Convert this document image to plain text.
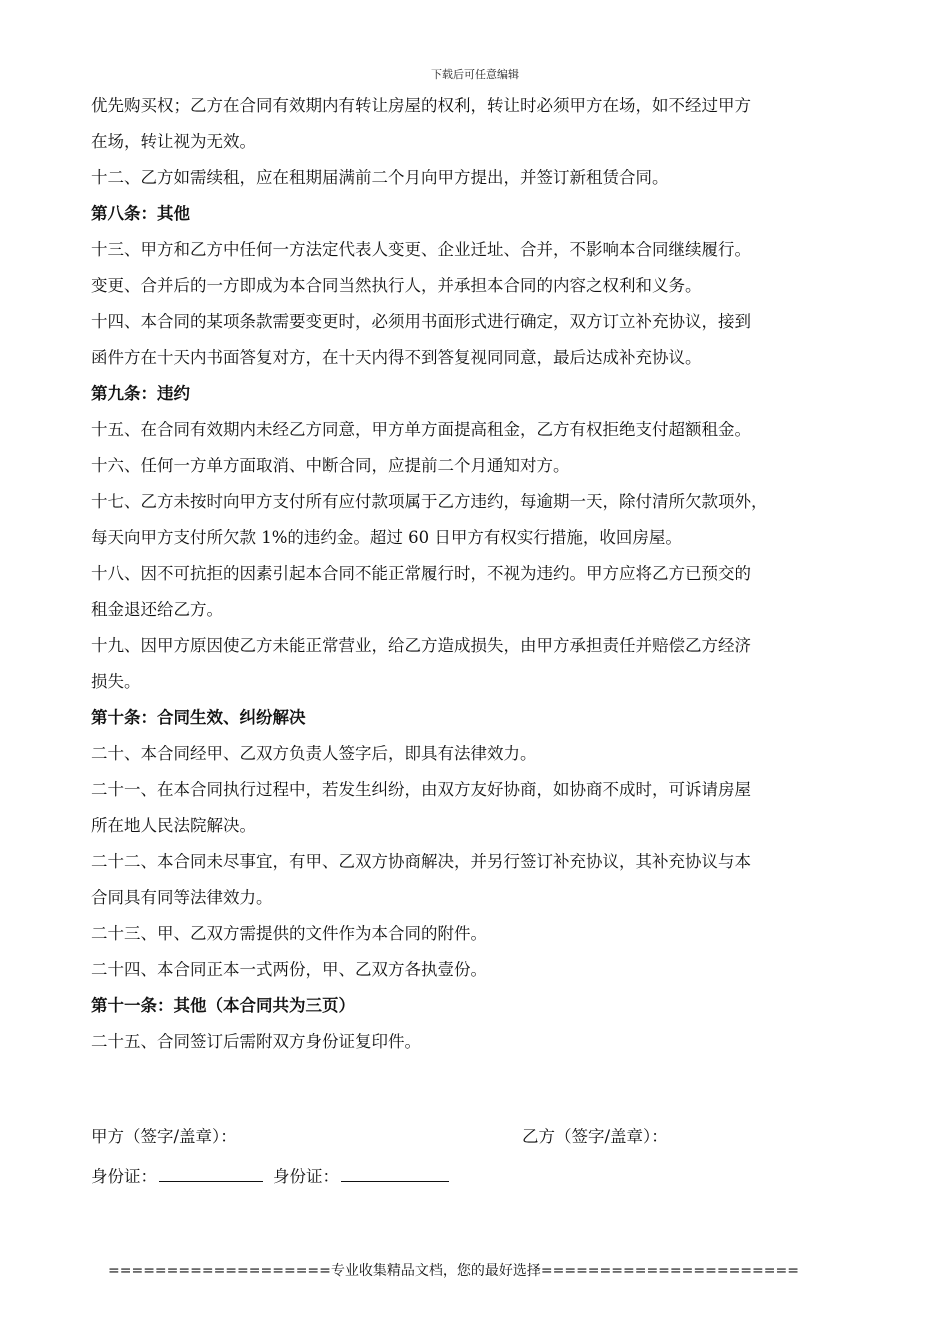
下载后可任意编辑
优先购买权；乙方在合同有效期内有转让房屋的权利，转让时必须甲方在场，如不经过甲方
在场，转让视为无效。
十二、乙方如需续租，应在租期届满前二个月向甲方提出，并签订新租赁合同。
第八条：其他
十三、甲方和乙方中任何一方法定代表人变更、企业迁址、合并，不影响本合同继续履行。
变更、合并后的一方即成为本合同当然执行人，并承担本合同的内容之权利和义务。
十四、本合同的某项条款需要变更时，必须用书面形式进行确定，双方订立补充协议，接到
函件方在十天内书面答复对方，在十天内得不到答复视同同意，最后达成补充协议。
第九条：违约
十五、在合同有效期内未经乙方同意，甲方单方面提高租金，乙方有权拒绝支付超额租金。
十六、任何一方单方面取消、中断合同，应提前二个月通知对方。
十七、乙方未按时向甲方支付所有应付款项属于乙方违约，每逾期一天，除付清所欠款项外，
每天向甲方支付所欠款 1%的违约金。超过 60 日甲方有权实行措施，收回房屋。
十八、因不可抗拒的因素引起本合同不能正常履行时，不视为违约。甲方应将乙方已预交的
租金退还给乙方。
十九、因甲方原因使乙方未能正常营业，给乙方造成损失，由甲方承担责任并赔偿乙方经济
损失。
第十条：合同生效、纠纷解决
二十、本合同经甲、乙双方负责人签字后，即具有法律效力。
二十一、在本合同执行过程中，若发生纠纷，由双方友好协商，如协商不成时，可诉请房屋
所在地人民法院解决。
二十二、本合同未尽事宜，有甲、乙双方协商解决，并另行签订补充协议，其补充协议与本
合同具有同等法律效力。
二十三、甲、乙双方需提供的文件作为本合同的附件。
二十四、本合同正本一式两份，甲、乙双方各执壹份。
第十一条：其他（本合同共为三页）
二十五、合同签订后需附双方身份证复印件。
甲方（签字/盖章）：	乙方（签字/盖章）：
身份证：	身份证：
===================专业收集精品文档，您的最好选择======================
